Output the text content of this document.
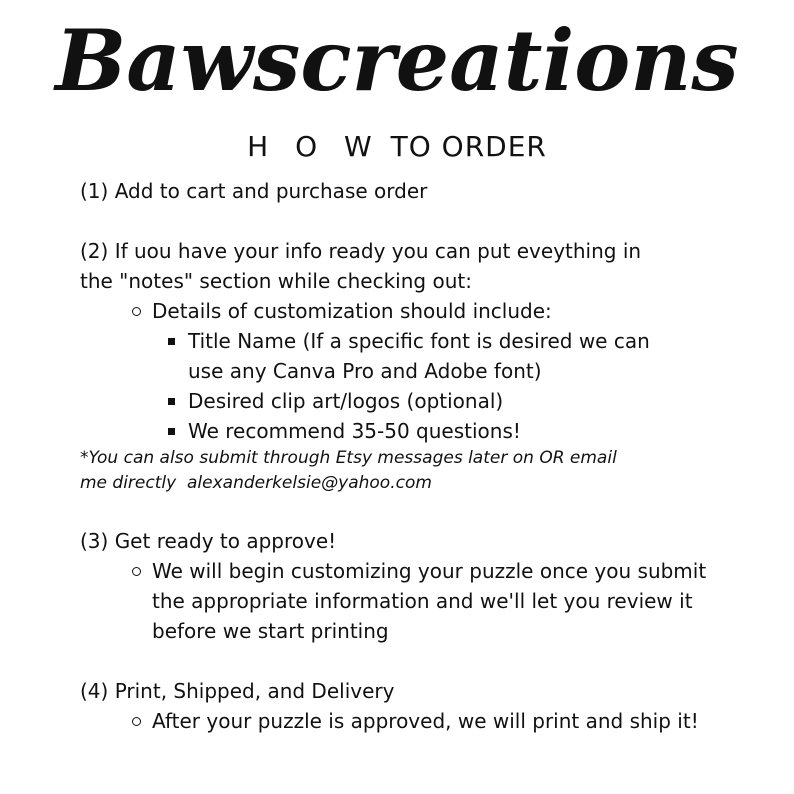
Bawscreations
H O W TO ORDER

(1) Add to cart and purchase order

(2) If uou have your info ready you can put eveything in

the "notes" section while checking out:

Details of customization should include:
Title Name (If a specific font is desired we can use any Canva Pro and Adobe font)
Desired clip art/logos (optional)
We recommend 35-50 questions!

*You can also submit through Etsy messages later on OR email
me directly alexanderkelsie@yahoo.com

(3) Get ready to approve!

We will begin customizing your puzzle once you submit the appropriate information and we'll let you review it before we start printing

(4) Print, Shipped, and Delivery

After your puzzle is approved, we will print and ship it!
